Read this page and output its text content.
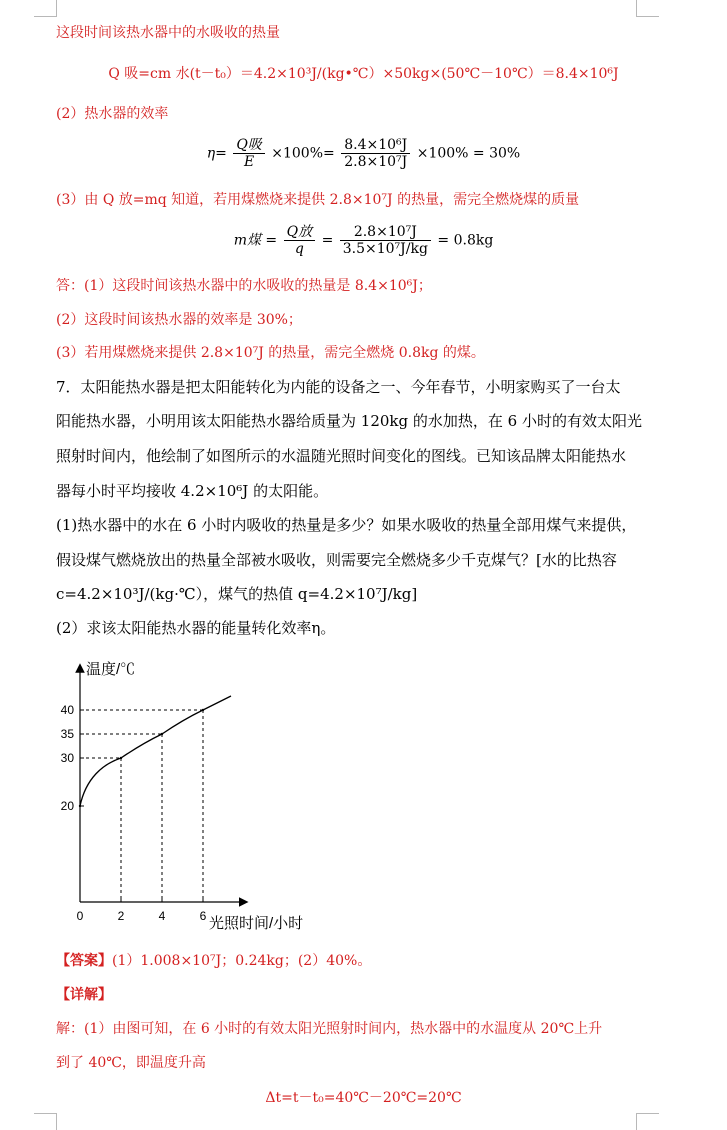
这段时间该热水器中的水吸收的热量
Q 吸=cm 水(t－t₀）＝4.2×10³J/(kg•℃）×50kg×(50℃－10℃）＝8.4×10⁶J
(2）热水器的效率
$\eta= \frac{\text{Q吸}}{E} \times 100\%= \frac{\text{8.4×10⁶J}}{\text{2.8×10⁷J}} \times 100\% = 30\%$
(3）由 Q 放=mq 知道，若用煤燃烧来提供 2.8×10⁷J 的热量，需完全燃烧煤的质量
m煤 = $\frac{\text{Q放}}{q} = \frac{\text{2.8×10⁷J}}{\text{3.5×10⁷J/kg}} = 0.8kg$
答：(1）这段时间该热水器中的水吸收的热量是 8.4×10⁶J；
(2）这段时间该热水器的效率是 30%；
(3）若用煤燃烧来提供 2.8×10⁷J 的热量，需完全燃烧 0.8kg 的煤。
7．太阳能热水器是把太阳能转化为内能的设备之一、今年春节，小明家购买了一台太
阳能热水器，小明用该太阳能热水器给质量为 120kg 的水加热，在 6 小时的有效太阳光
照射时间内，他绘制了如图所示的水温随光照时间变化的图线。已知该品牌太阳能热水
器每小时平均接收 4.2×10⁶J 的太阳能。
(1)热水器中的水在 6 小时内吸收的热量是多少？如果水吸收的热量全部用煤气来提供，
假设煤气燃烧放出的热量全部被水吸收，则需要完全燃烧多少千克煤气？[水的比热容
c=4.2×10³J/(kg·℃），煤气的热值 q=4.2×10⁷J/kg]
(2）求该太阳能热水器的能量转化效率η。
温度/℃
光照时间/小时
0	2	4	6
20
30
35
40
【答案】(1）1.008×10⁷J；0.24kg；(2）40%。
【详解】
解：(1）由图可知，在 6 小时的有效太阳光照射时间内，热水器中的水温度从 20℃上升
到了 40℃，即温度升高
Δt=t－t₀=40℃－20℃=20℃
